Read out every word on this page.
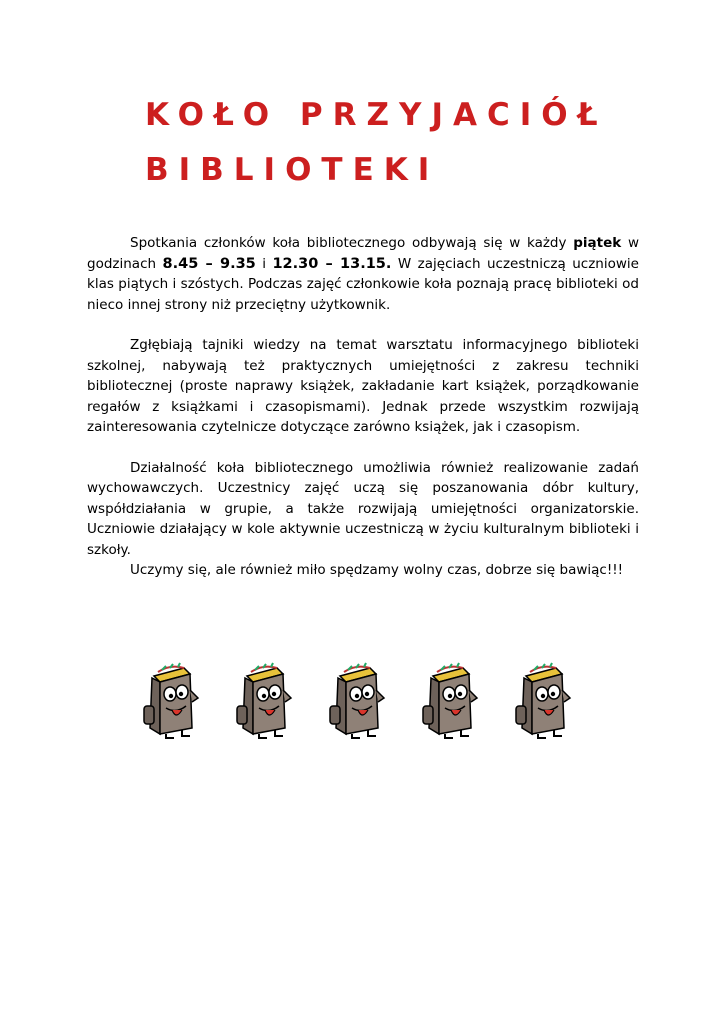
KOŁO PRZYJACIÓŁ
BIBLIOTEKI

Spotkania członków koła bibliotecznego odbywają się w każdy piątek w godzinach 8.45 – 9.35 i 12.30 – 13.15. W zajęciach uczestniczą uczniowie klas piątych i szóstych. Podczas zajęć członkowie koła poznają pracę biblioteki od nieco innej strony niż przeciętny użytkownik.

Zgłębiają tajniki wiedzy na temat warsztatu informacyjnego biblioteki szkolnej, nabywają też praktycznych umiejętności z zakresu techniki bibliotecznej (proste naprawy książek, zakładanie kart książek, porządkowanie regałów z książkami i czasopismami). Jednak przede wszystkim rozwijają zainteresowania czytelnicze dotyczące zarówno książek, jak i czasopism.

Działalność koła bibliotecznego umożliwia również realizowanie zadań wychowawczych. Uczestnicy zajęć uczą się poszanowania dóbr kultury, współdziałania w grupie, a także rozwijają umiejętności organizatorskie. Uczniowie działający w kole aktywnie uczestniczą w życiu kulturalnym biblioteki i szkoły.

Uczymy się, ale również miło spędzamy wolny czas, dobrze się bawiąc!!!
